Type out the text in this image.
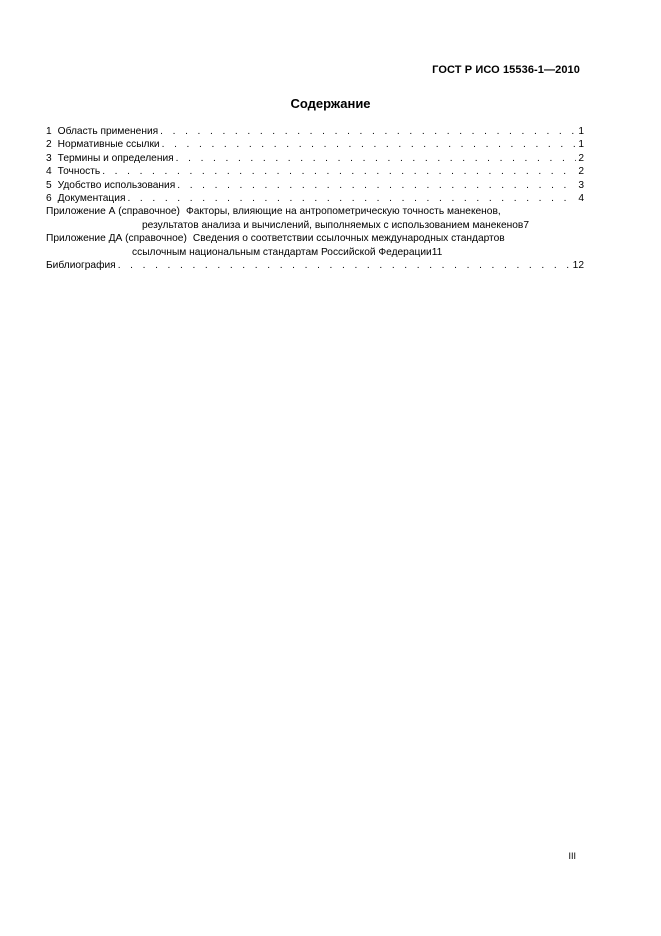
ГОСТ Р ИСО 15536-1—2010
Содержание
1 Область применения . . .	1
2 Нормативные ссылки . . .	1
3 Термины и определения . . .	2
4 Точность . . .	2
5 Удобство использования . . .	3
6 Документация . . .	4
Приложение А (справочное) Факторы, влияющие на антропометрическую точность манекенов,
результатов анализа и вычислений, выполняемых с использованием манекенов 7
Приложение ДА (справочное) Сведения о соответствии ссылочных международных стандартов
ссылочным национальным стандартам Российской Федерации 11
Библиография . . .	12
III
